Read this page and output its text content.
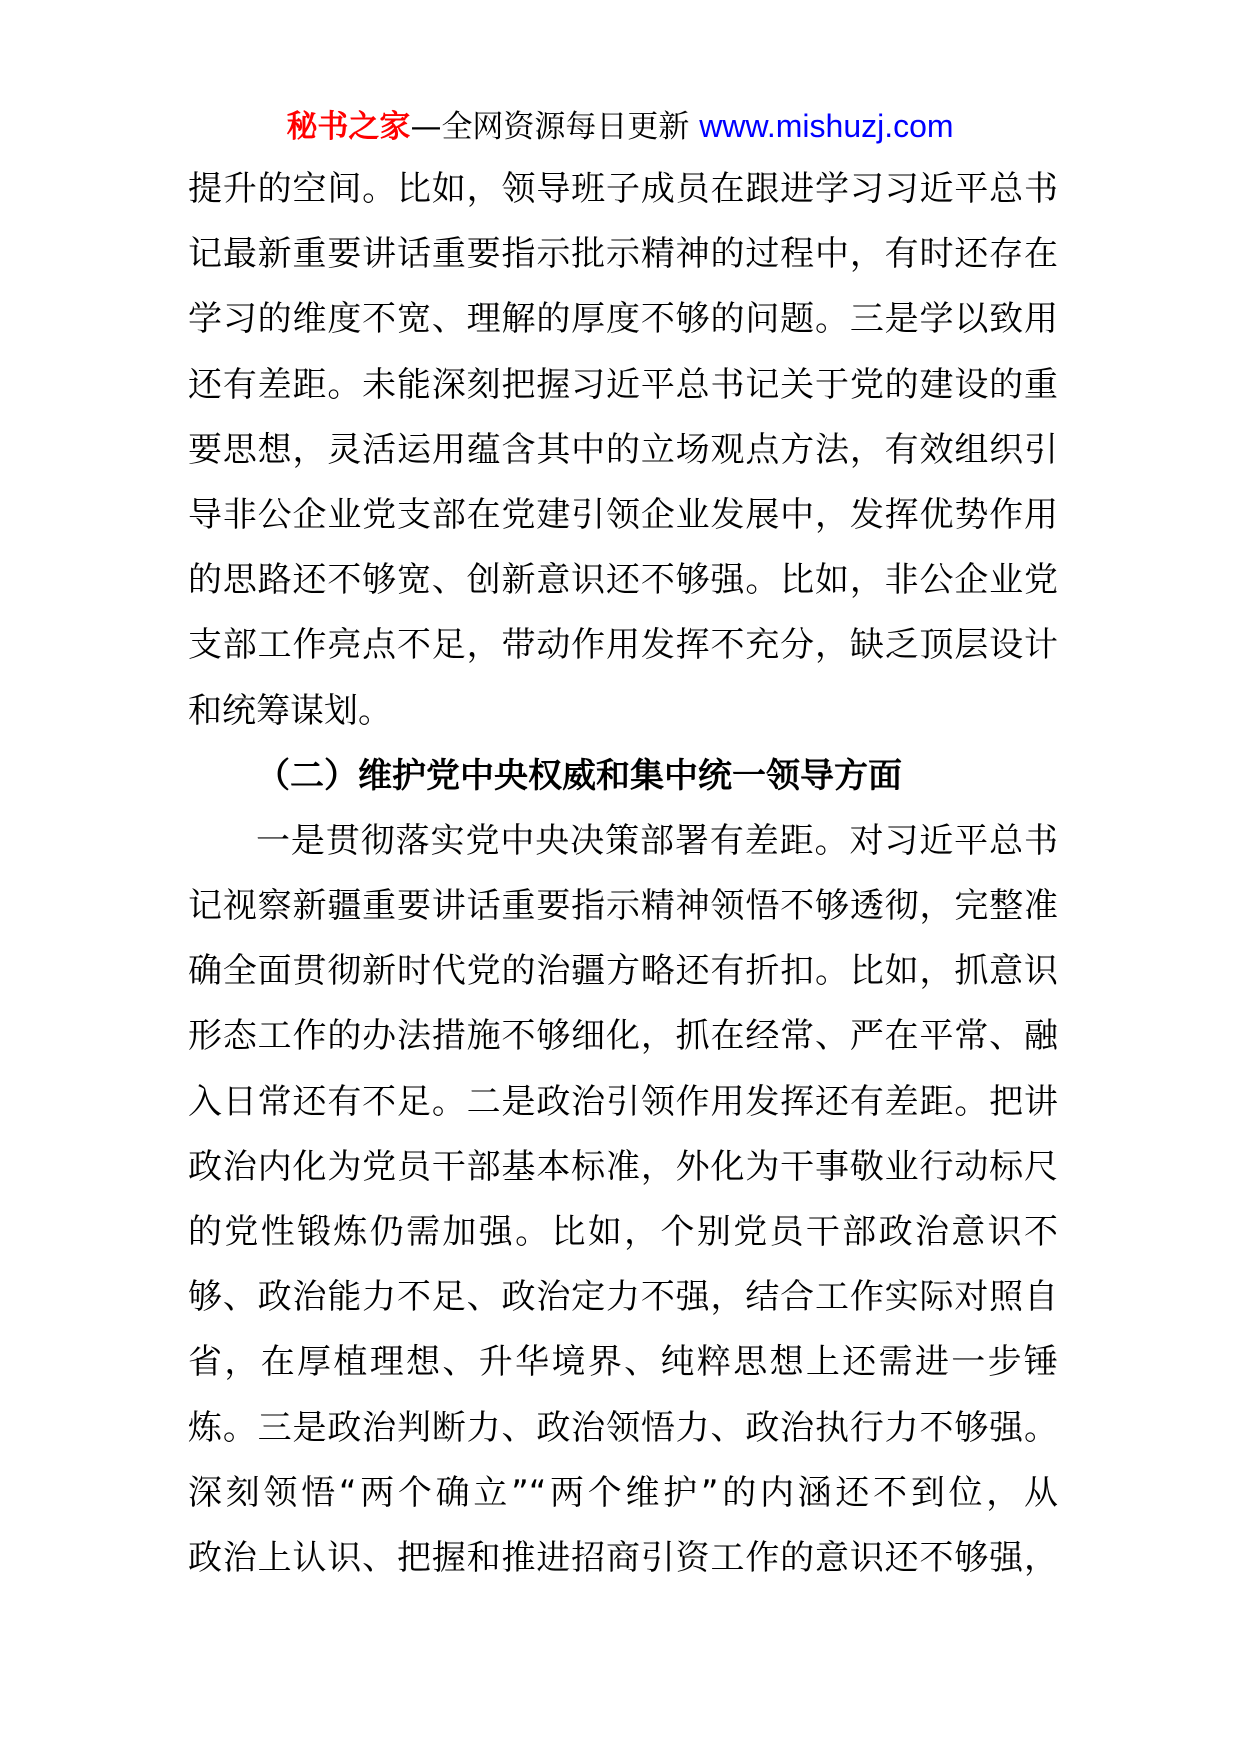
秘书之家—全网资源每日更新 www.mishuzj.com
提升的空间。比如，领导班子成员在跟进学习习近平总书
记最新重要讲话重要指示批示精神的过程中，有时还存在
学习的维度不宽、理解的厚度不够的问题。三是学以致用
还有差距。未能深刻把握习近平总书记关于党的建设的重
要思想，灵活运用蕴含其中的立场观点方法，有效组织引
导非公企业党支部在党建引领企业发展中，发挥优势作用
的思路还不够宽、创新意识还不够强。比如，非公企业党
支部工作亮点不足，带动作用发挥不充分，缺乏顶层设计
和统筹谋划。
（二）维护党中央权威和集中统一领导方面
一是贯彻落实党中央决策部署有差距。对习近平总书
记视察新疆重要讲话重要指示精神领悟不够透彻，完整准
确全面贯彻新时代党的治疆方略还有折扣。比如，抓意识
形态工作的办法措施不够细化，抓在经常、严在平常、融
入日常还有不足。二是政治引领作用发挥还有差距。把讲
政治内化为党员干部基本标准，外化为干事敬业行动标尺
的党性锻炼仍需加强。比如，个别党员干部政治意识不
够、政治能力不足、政治定力不强，结合工作实际对照自
省，在厚植理想、升华境界、纯粹思想上还需进一步锤
炼。三是政治判断力、政治领悟力、政治执行力不够强。
深刻领悟“两个确立”“两个维护”的内涵还不到位，从
政治上认识、把握和推进招商引资工作的意识还不够强，
